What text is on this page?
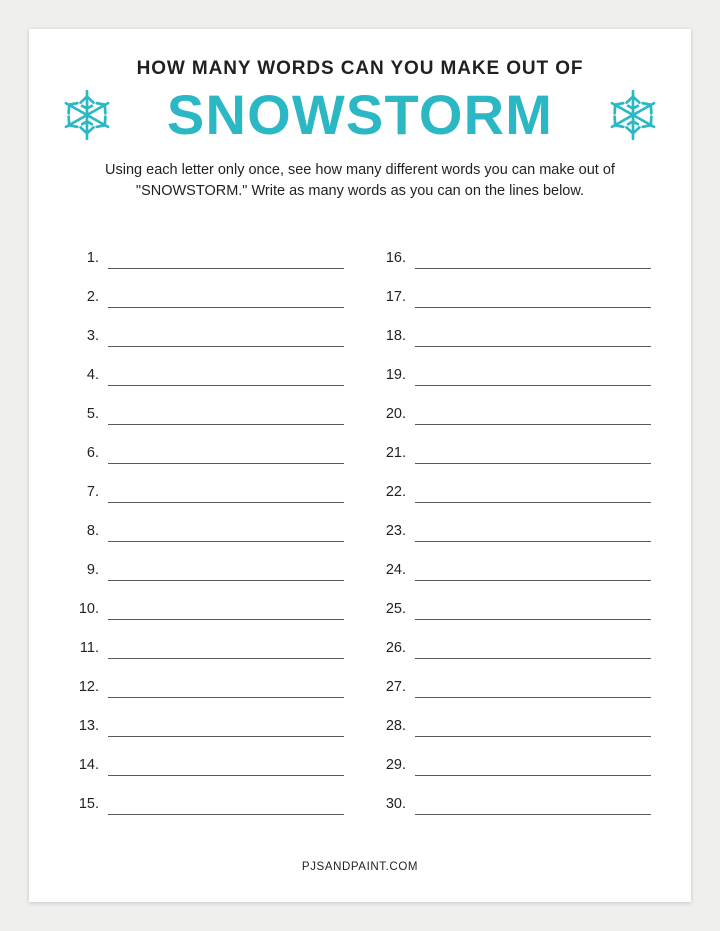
HOW MANY WORDS CAN YOU MAKE OUT OF
SNOWSTORM
Using each letter only once, see how many different words you can make out of "SNOWSTORM." Write as many words as you can on the lines below.
1.
2.
3.
4.
5.
6.
7.
8.
9.
10.
11.
12.
13.
14.
15.
16.
17.
18.
19.
20.
21.
22.
23.
24.
25.
26.
27.
28.
29.
30.
PJSANDPAINT.COM
